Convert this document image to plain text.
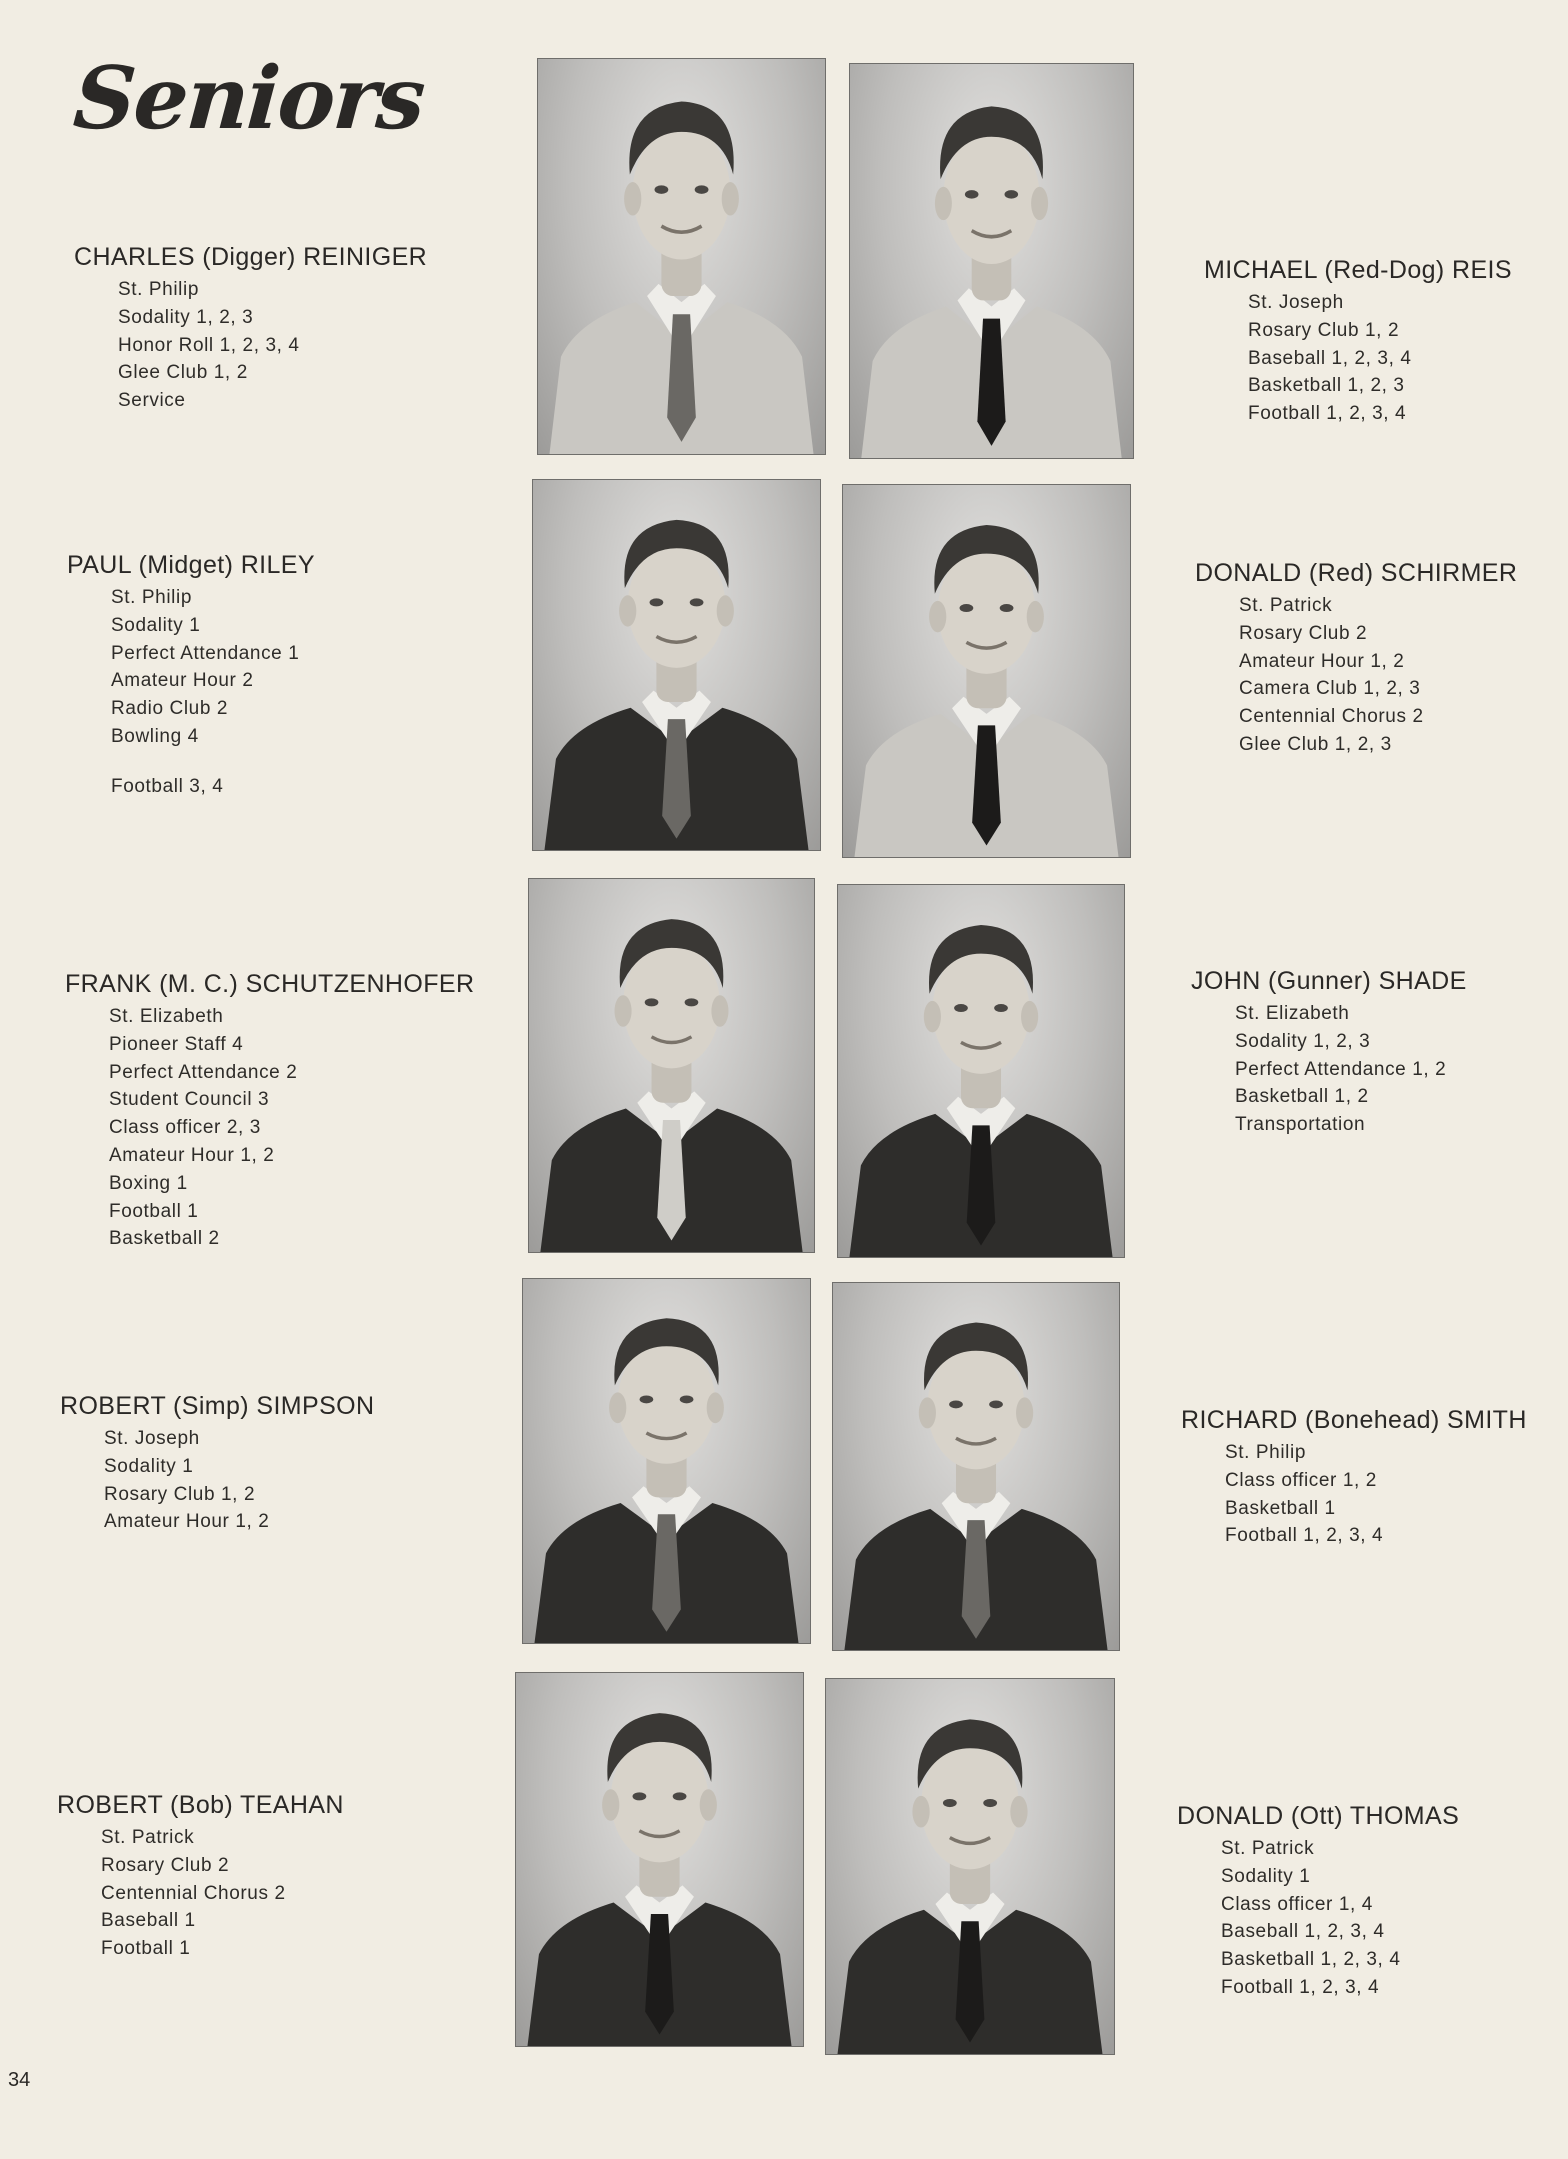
Seniors
CHARLES (Digger) REINIGER
St. Philip
Sodality 1, 2, 3
Honor Roll 1, 2, 3, 4
Glee Club 1, 2
Service
PAUL (Midget) RILEY
St. Philip
Sodality 1
Perfect Attendance 1
Amateur Hour 2
Radio Club 2
Bowling 4
Football 3, 4
FRANK (M. C.) SCHUTZENHOFER
St. Elizabeth
Pioneer Staff 4
Perfect Attendance 2
Student Council 3
Class officer 2, 3
Amateur Hour 1, 2
Boxing 1
Football 1
Basketball 2
ROBERT (Simp) SIMPSON
St. Joseph
Sodality 1
Rosary Club 1, 2
Amateur Hour 1, 2
ROBERT (Bob) TEAHAN
St. Patrick
Rosary Club 2
Centennial Chorus 2
Baseball 1
Football 1
MICHAEL (Red-Dog) REIS
St. Joseph
Rosary Club 1, 2
Baseball 1, 2, 3, 4
Basketball 1, 2, 3
Football 1, 2, 3, 4
DONALD (Red) SCHIRMER
St. Patrick
Rosary Club 2
Amateur Hour 1, 2
Camera Club 1, 2, 3
Centennial Chorus 2
Glee Club 1, 2, 3
JOHN (Gunner) SHADE
St. Elizabeth
Sodality 1, 2, 3
Perfect Attendance 1, 2
Basketball 1, 2
Transportation
RICHARD (Bonehead) SMITH
St. Philip
Class officer 1, 2
Basketball 1
Football 1, 2, 3, 4
DONALD (Ott) THOMAS
St. Patrick
Sodality 1
Class officer 1, 4
Baseball 1, 2, 3, 4
Basketball 1, 2, 3, 4
Football 1, 2, 3, 4
34
